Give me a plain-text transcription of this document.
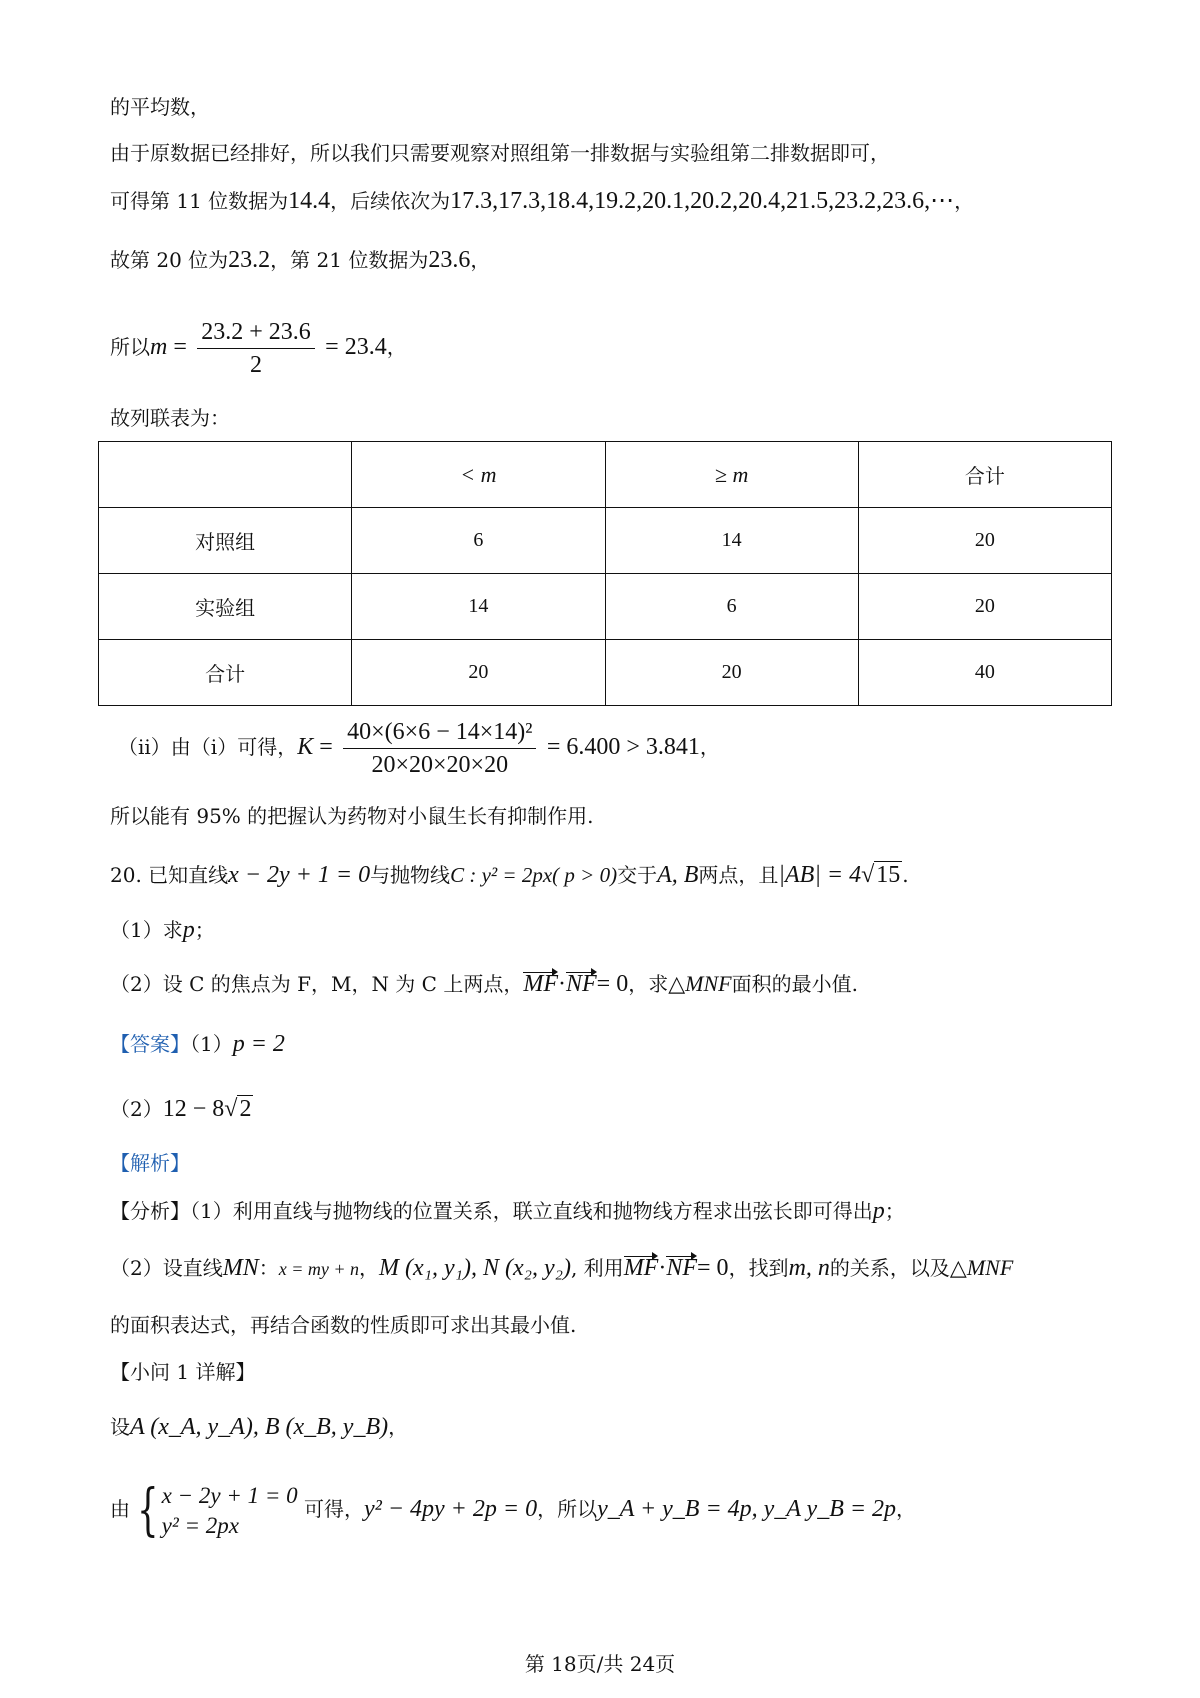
的平均数，
由于原数据已经排好，所以我们只需要观察对照组第一排数据与实验组第二排数据即可，
可得第 11 位数据为14.4，后续依次为17.3,17.3,18.4,19.2,20.1,20.2,20.4,21.5,23.2,23.6,⋯，
故第 20 位为23.2，第 21 位数据为23.6，
所以$m = \frac{23.2 + 23.6}{2} = 23.4$，
故列联表为：
	< m	≥ m	合计
对照组	6	14	20
实验组	14	6	20
合计	20	20	40
（ii）由（i）可得，$K = \frac{\text{40×(6×6 − 14×14)²}}{20\times 20\times 20\times 20} = 6.400 > 3.841$，
所以能有 95% 的把握认为药物对小鼠生长有抑制作用.
20. 已知直线x − 2y + 1 = 0与抛物线C : y² = 2px( p > 0)交于A, B两点，且|AB| = 4√15 .
（1）求p；
（2）设 C 的焦点为 F，M，N 为 C 上两点，MF·NF= 0，求△MNF面积的最小值.
【答案】（1）p = 2
（2）12 − 8√2
【解析】
【分析】（1）利用直线与抛物线的位置关系，联立直线和抛物线方程求出弦长即可得出p；
（2）设直线MN：x = my + n，M (x₁, y₁), N (x₂, y₂), 利用MF·NF= 0，找到m, n的关系，以及△MNF
的面积表达式，再结合函数的性质即可求出其最小值.
【小问 1 详解】
设A (x_A, y_A), B (x_B, y_B)，
由 { x − 2y + 1 = 0
y² = 2px
可得，y² − 4py + 2p = 0，所以y_A + y_B = 4p, y_A y_B = 2p，
第 18页/共 24页
